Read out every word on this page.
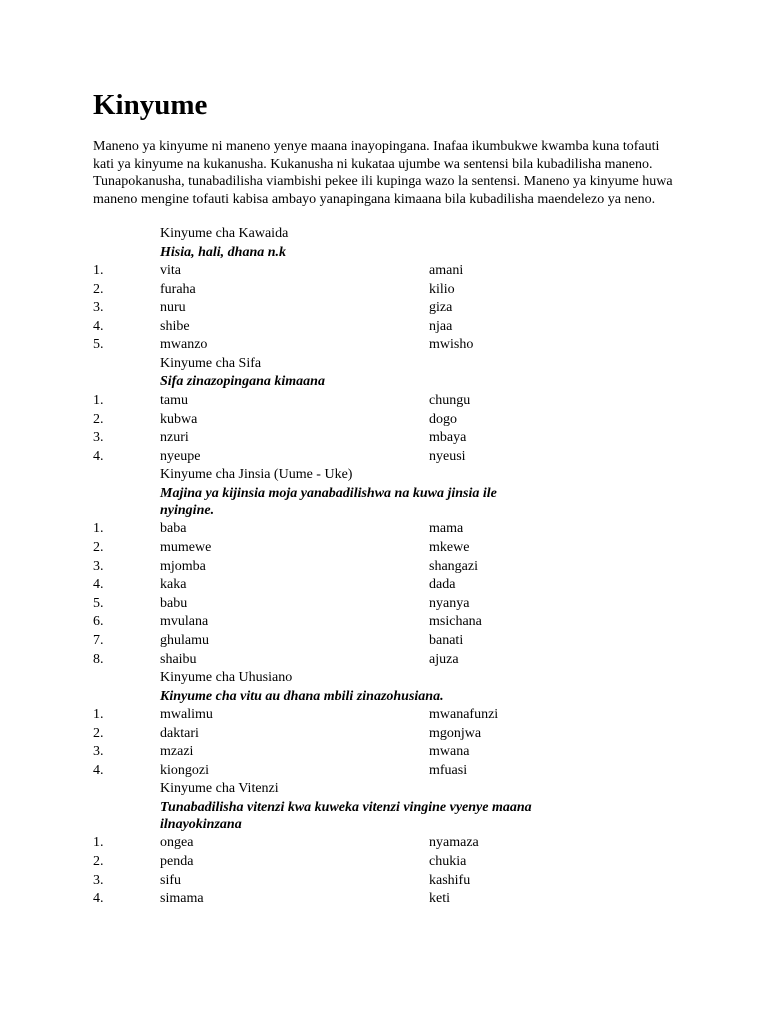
Kinyume

Maneno ya kinyume ni maneno yenye maana inayopingana. Inafaa ikumbukwe kwamba kuna tofauti kati ya kinyume na kukanusha. Kukanusha ni kukataa ujumbe wa sentensi bila kubadilisha maneno. Tunapokanusha, tunabadilisha viambishi pekee ili kupinga wazo la sentensi. Maneno ya kinyume huwa maneno mengine tofauti kabisa ambayo yanapingana kimaana bila kubadilisha maendelezo ya neno.

Kinyume cha Kawaida
Hisia, hali, dhana n.k
1.	vita	amani
2.	furaha	kilio
3.	nuru	giza
4.	shibe	njaa
5.	mwanzo	mwisho
Kinyume cha Sifa
Sifa zinazopingana kimaana
1.	tamu	chungu
2.	kubwa	dogo
3.	nzuri	mbaya
4.	nyeupe	nyeusi
Kinyume cha Jinsia (Uume - Uke)
Majina ya kijinsia moja yanabadilishwa na kuwa jinsia ile nyingine.
1.	baba	mama
2.	mumewe	mkewe
3.	mjomba	shangazi
4.	kaka	dada
5.	babu	nyanya
6.	mvulana	msichana
7.	ghulamu	banati
8.	shaibu	ajuza
Kinyume cha Uhusiano
Kinyume cha vitu au dhana mbili zinazohusiana.
1.	mwalimu	mwanafunzi
2.	daktari	mgonjwa
3.	mzazi	mwana
4.	kiongozi	mfuasi
Kinyume cha Vitenzi
Tunabadilisha vitenzi kwa kuweka vitenzi vingine vyenye maana ilnayokinzana
1.	ongea	nyamaza
2.	penda	chukia
3.	sifu	kashifu
4.	simama	keti
